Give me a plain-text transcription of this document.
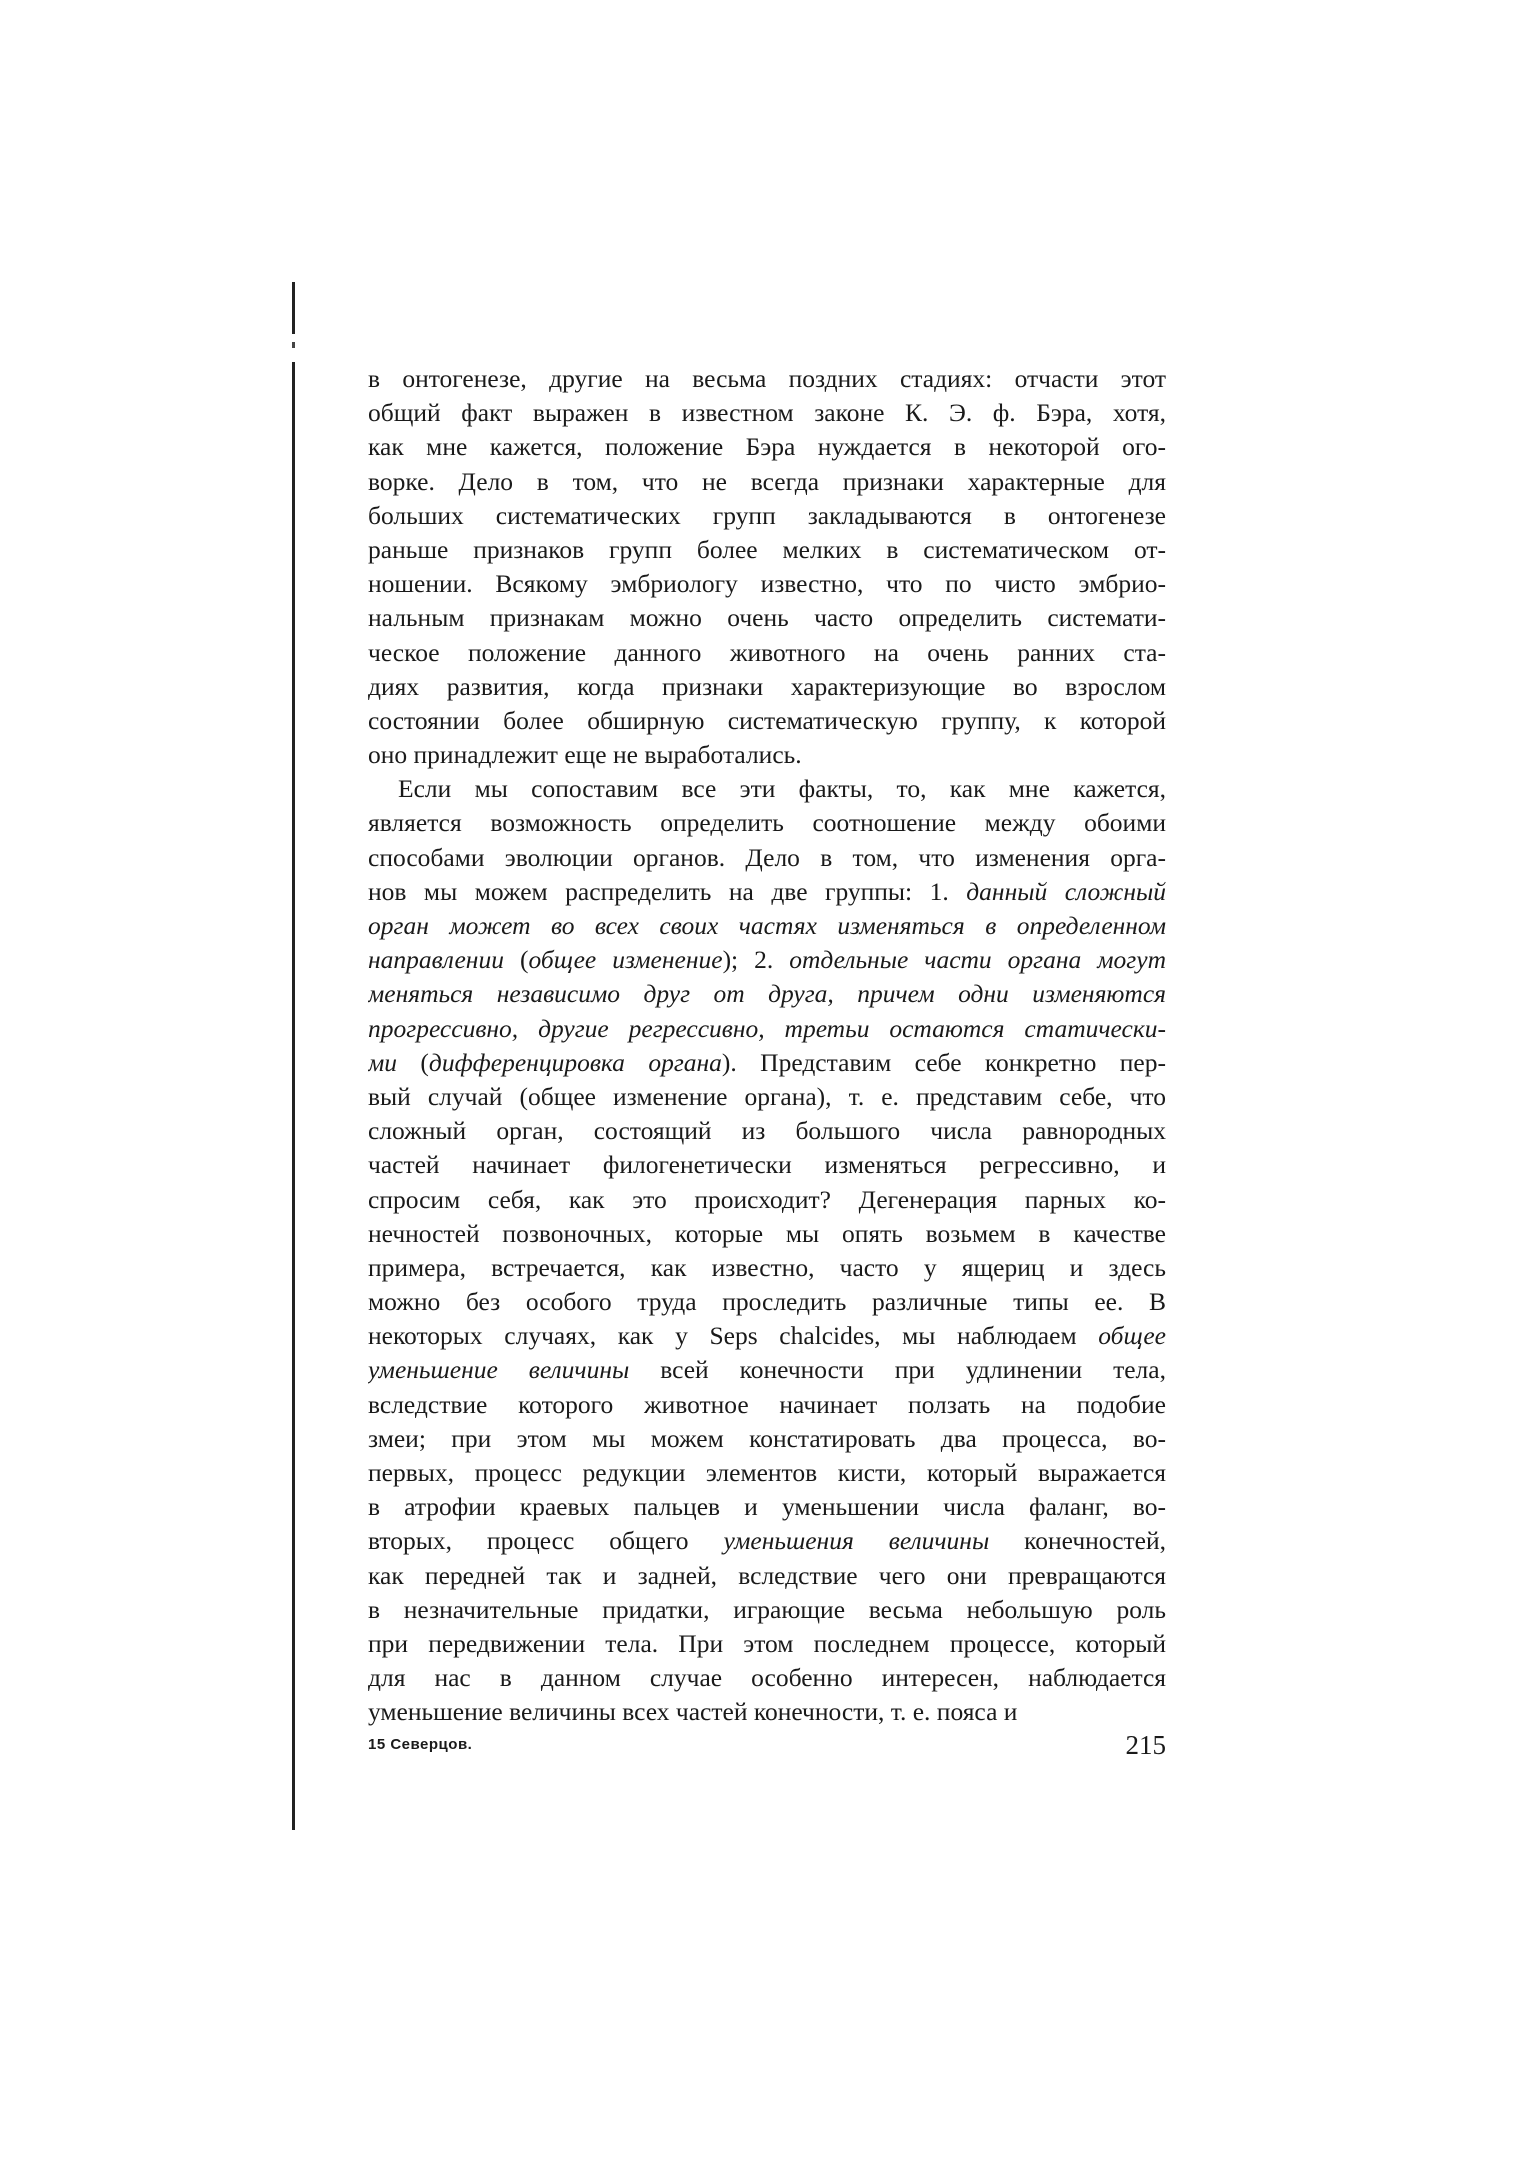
в онтогенезе, другие на весьма поздних стадиях: отчасти этот
общий факт выражен в известном законе К. Э. ф. Бэра, хотя,
как мне кажется, положение Бэра нуждается в некоторой ого-
ворке. Дело в том, что не всегда признаки характерные для
больших систематических групп закладываются в онтогенезе
раньше признаков групп более мелких в систематическом от-
ношении. Всякому эмбриологу известно, что по чисто эмбрио-
нальным признакам можно очень часто определить системати-
ческое положение данного животного на очень ранних ста-
диях развития, когда признаки характеризующие во взрослом
состоянии более обширную систематическую группу, к которой
оно принадлежит еще не выработались.
Если мы сопоставим все эти факты, то, как мне кажется,
является возможность определить соотношение между обоими
способами эволюции органов. Дело в том, что изменения орга-
нов мы можем распределить на две группы: 1. данный сложный
орган может во всех своих частях изменяться в определенном
направлении (общее изменение); 2. отдельные части органа могут
меняться независимо друг от друга, причем одни изменяются
прогрессивно, другие регрессивно, третьи остаются статически-
ми (дифференцировка органа). Представим себе конкретно пер-
вый случай (общее изменение органа), т. е. представим себе, что
сложный орган, состоящий из большого числа равнородных
частей начинает филогенетически изменяться регрессивно, и
спросим себя, как это происходит? Дегенерация парных ко-
нечностей позвоночных, которые мы опять возьмем в качестве
примера, встречается, как известно, часто у ящериц и здесь
можно без особого труда проследить различные типы ее. В
некоторых случаях, как у Seps chalcides, мы наблюдаем общее
уменьшение величины всей конечности при удлинении тела,
вследствие которого животное начинает ползать на подобие
змеи; при этом мы можем констатировать два процесса, во-
первых, процесс редукции элементов кисти, который выражается
в атрофии краевых пальцев и уменьшении числа фаланг, во-
вторых, процесс общего уменьшения величины конечностей,
как передней так и задней, вследствие чего они превращаются
в незначительные придатки, играющие весьма небольшую роль
при передвижении тела. При этом последнем процессе, который
для нас в данном случае особенно интересен, наблюдается
уменьшение величины всех частей конечности, т. е. пояса и
15 Северцов.	215
